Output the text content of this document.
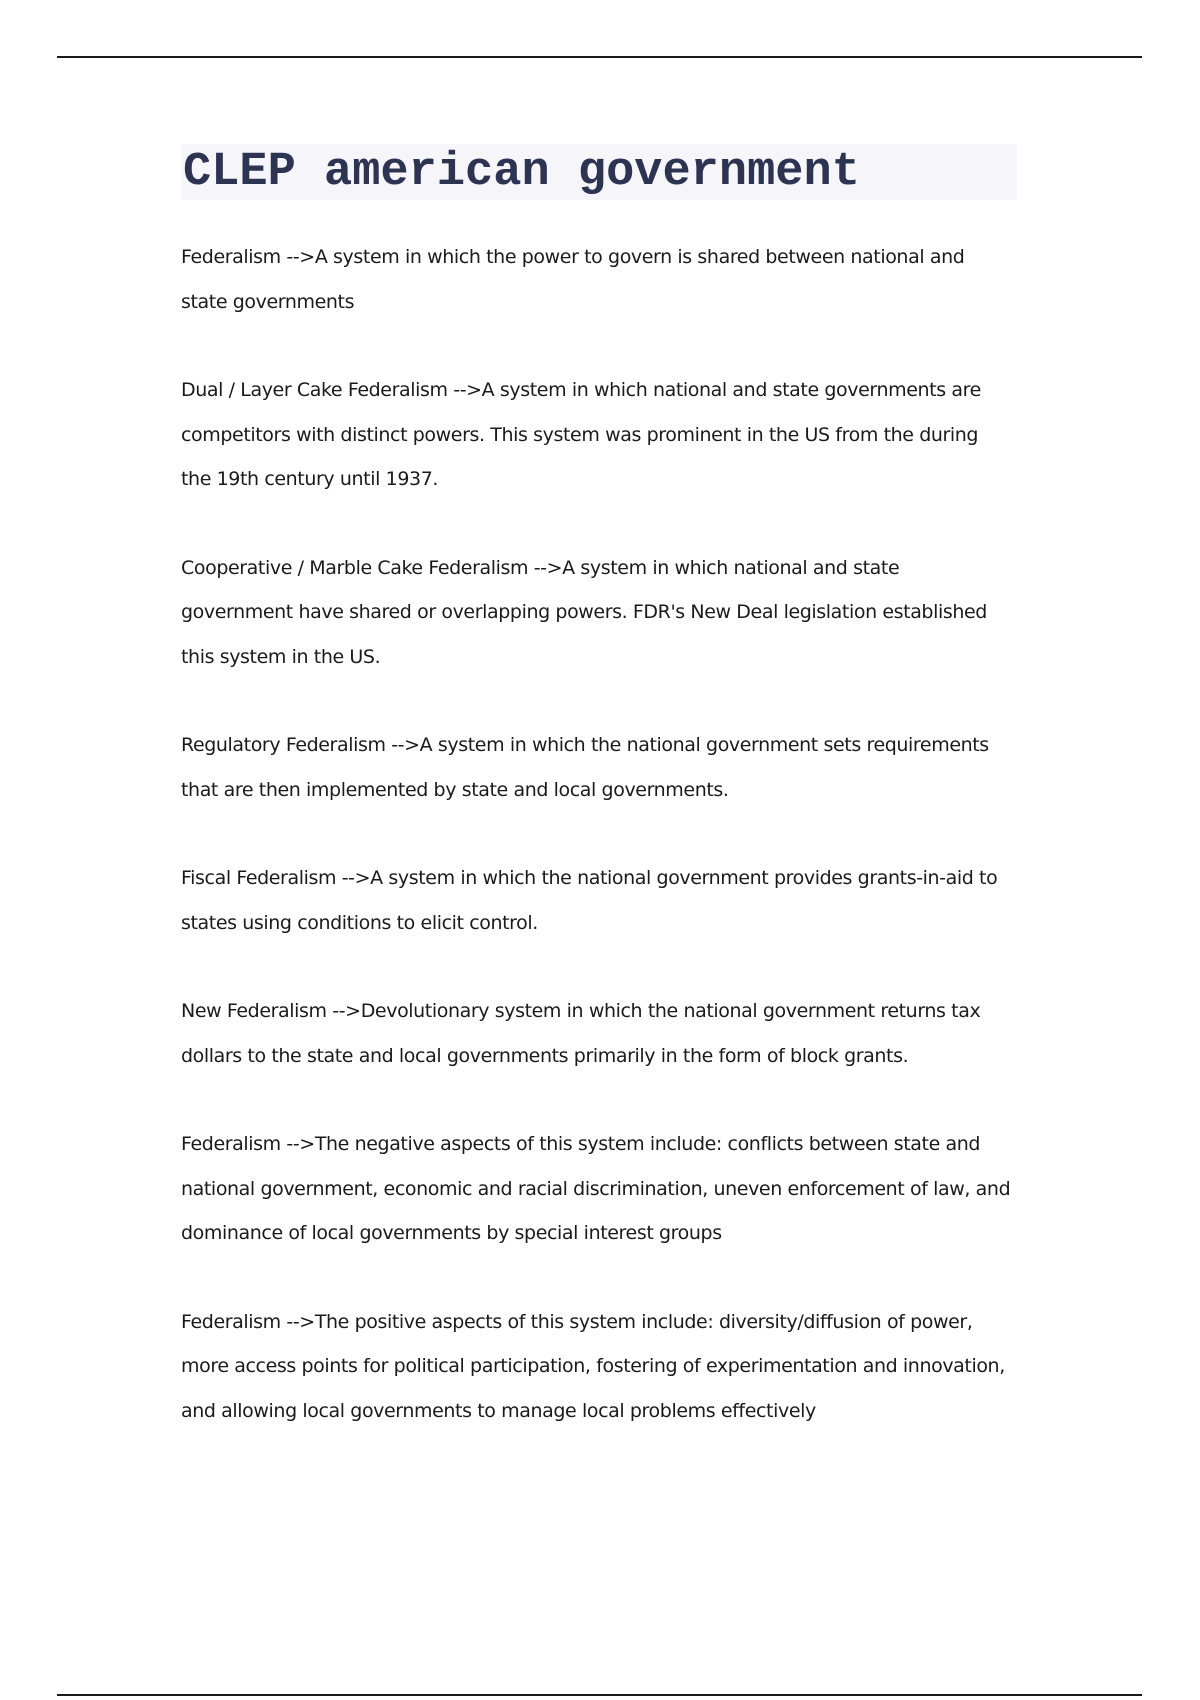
CLEP american government

Federalism -->A system in which the power to govern is shared between national and state governments

Dual / Layer Cake Federalism -->A system in which national and state governments are competitors with distinct powers. This system was prominent in the US from the during the 19th century until 1937.

Cooperative / Marble Cake Federalism -->A system in which national and state government have shared or overlapping powers. FDR's New Deal legislation established this system in the US.

Regulatory Federalism -->A system in which the national government sets requirements that are then implemented by state and local governments.

Fiscal Federalism -->A system in which the national government provides grants-in-aid to states using conditions to elicit control.

New Federalism -->Devolutionary system in which the national government returns tax dollars to the state and local governments primarily in the form of block grants.

Federalism -->The negative aspects of this system include: conflicts between state and national government, economic and racial discrimination, uneven enforcement of law, and dominance of local governments by special interest groups

Federalism -->The positive aspects of this system include: diversity/diffusion of power, more access points for political participation, fostering of experimentation and innovation, and allowing local governments to manage local problems effectively
